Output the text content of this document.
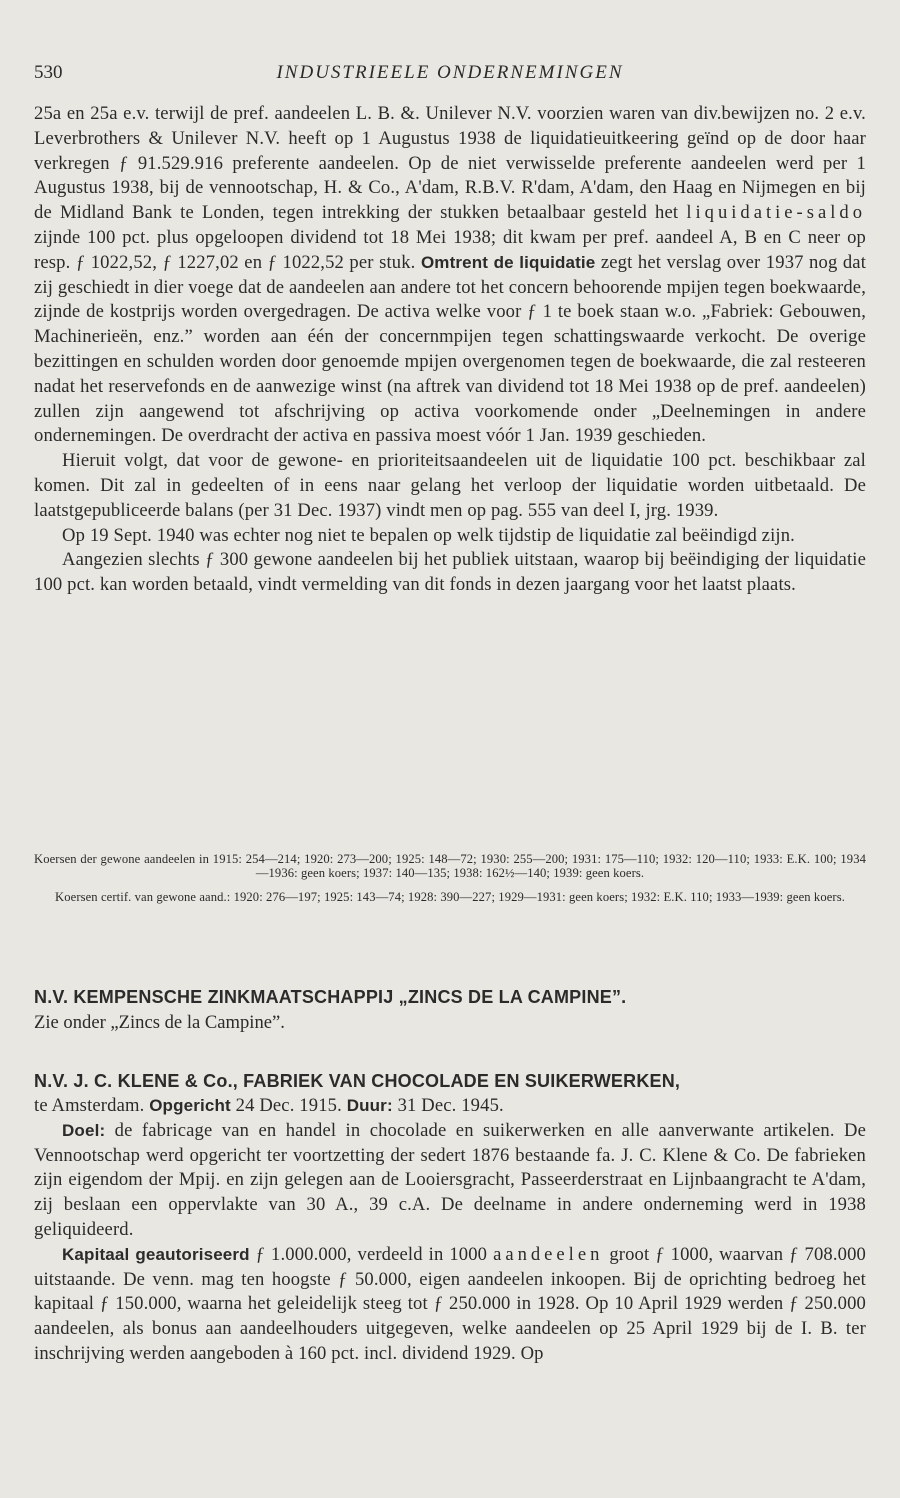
530	INDUSTRIEELE ONDERNEMINGEN

25a en 25a e.v. terwijl de pref. aandeelen L. B. &. Unilever N.V. voorzien waren van div.bewijzen no. 2 e.v. Leverbrothers & Unilever N.V. heeft op 1 Augustus 1938 de liquidatieuitkeering geïnd op de door haar verkregen ƒ 91.529.916 preferente aandeelen. Op de niet verwisselde preferente aandeelen werd per 1 Augustus 1938, bij de vennootschap, H. & Co., A'dam, R.B.V. R'dam, A'dam, den Haag en Nijmegen en bij de Midland Bank te Londen, tegen intrekking der stukken betaalbaar gesteld het liquidatie-saldo zijnde 100 pct. plus opgeloopen dividend tot 18 Mei 1938; dit kwam per pref. aandeel A, B en C neer op resp. ƒ 1022,52, ƒ 1227,02 en ƒ 1022,52 per stuk. Omtrent de liquidatie zegt het verslag over 1937 nog dat zij geschiedt in dier voege dat de aandeelen aan andere tot het concern behoorende mpijen tegen boekwaarde, zijnde de kostprijs worden overgedragen. De activa welke voor ƒ 1 te boek staan w.o. „Fabriek: Gebouwen, Machinerieën, enz.” worden aan één der concernmpijen tegen schattingswaarde verkocht. De overige bezittingen en schulden worden door genoemde mpijen overgenomen tegen de boekwaarde, die zal resteeren nadat het reservefonds en de aanwezige winst (na aftrek van dividend tot 18 Mei 1938 op de pref. aandeelen) zullen zijn aangewend tot afschrijving op activa voorkomende onder „Deelnemingen in andere ondernemingen. De overdracht der activa en passiva moest vóór 1 Jan. 1939 geschieden.

Hieruit volgt, dat voor de gewone- en prioriteitsaandeelen uit de liquidatie 100 pct. beschikbaar zal komen. Dit zal in gedeelten of in eens naar gelang het verloop der liquidatie worden uitbetaald. De laatstgepubliceerde balans (per 31 Dec. 1937) vindt men op pag. 555 van deel I, jrg. 1939.

Op 19 Sept. 1940 was echter nog niet te bepalen op welk tijdstip de liquidatie zal beëindigd zijn.

Aangezien slechts ƒ 300 gewone aandeelen bij het publiek uitstaan, waarop bij beëindiging der liquidatie 100 pct. kan worden betaald, vindt vermelding van dit fonds in dezen jaargang voor het laatst plaats.

Koersen der gewone aandeelen in 1915: 254—214; 1920: 273—200; 1925: 148—72; 1930: 255—200; 1931: 175—110; 1932: 120—110; 1933: E.K. 100; 1934—1936: geen koers; 1937: 140—135; 1938: 162½—140; 1939: geen koers.

Koersen certif. van gewone aand.: 1920: 276—197; 1925: 143—74; 1928: 390—227; 1929—1931: geen koers; 1932: E.K. 110; 1933—1939: geen koers.

N.V. KEMPENSCHE ZINKMAATSCHAPPIJ „ZINCS DE LA CAMPINE”.

Zie onder „Zincs de la Campine”.

N.V. J. C. KLENE & Co., FABRIEK VAN CHOCOLADE EN SUIKERWERKEN,

te Amsterdam. Opgericht 24 Dec. 1915. Duur: 31 Dec. 1945.

Doel: de fabricage van en handel in chocolade en suikerwerken en alle aanverwante artikelen. De Vennootschap werd opgericht ter voortzetting der sedert 1876 bestaande fa. J. C. Klene & Co. De fabrieken zijn eigendom der Mpij. en zijn gelegen aan de Looiersgracht, Passeerderstraat en Lijnbaangracht te A'dam, zij beslaan een oppervlakte van 30 A., 39 c.A. De deelname in andere onderneming werd in 1938 geliquideerd.

Kapitaal geautoriseerd ƒ 1.000.000, verdeeld in 1000 aandeelen groot ƒ 1000, waarvan ƒ 708.000 uitstaande. De venn. mag ten hoogste ƒ 50.000, eigen aandeelen inkoopen. Bij de oprichting bedroeg het kapitaal ƒ 150.000, waarna het geleidelijk steeg tot ƒ 250.000 in 1928. Op 10 April 1929 werden ƒ 250.000 aandeelen, als bonus aan aandeelhouders uitgegeven, welke aandeelen op 25 April 1929 bij de I. B. ter inschrijving werden aangeboden à 160 pct. incl. dividend 1929. Op
